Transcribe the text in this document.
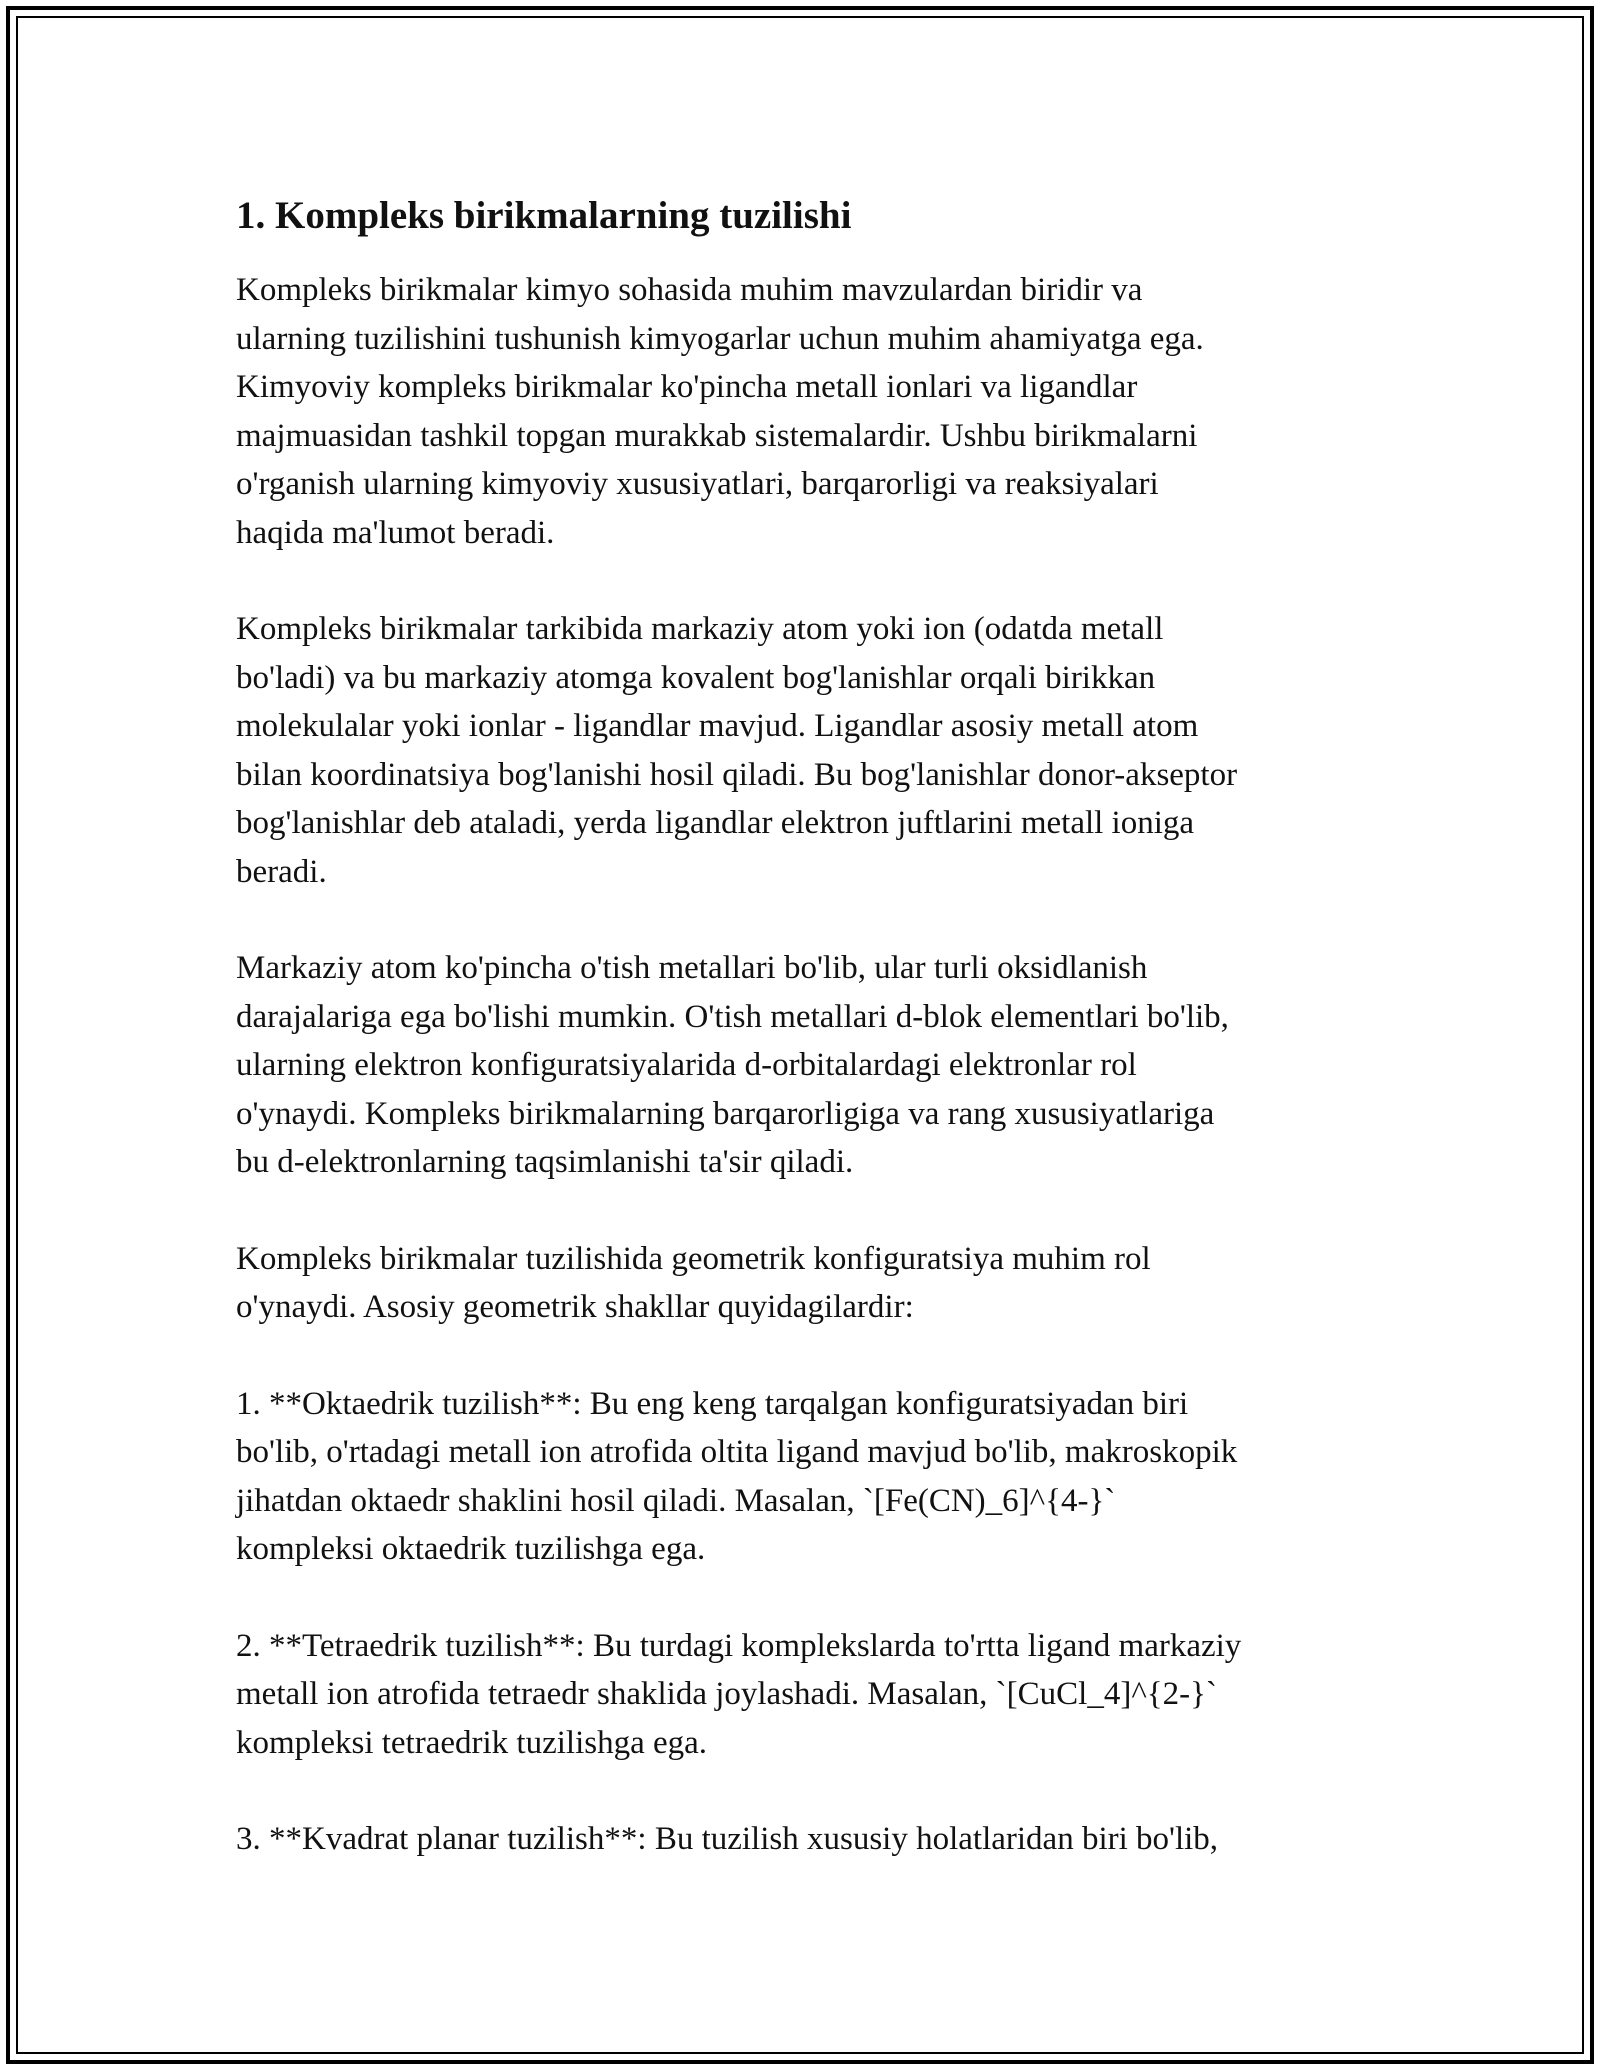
1. Kompleks birikmalarning tuzilishi
Kompleks birikmalar kimyo sohasida muhim mavzulardan biridir va
ularning tuzilishini tushunish kimyogarlar uchun muhim ahamiyatga ega.
Kimyoviy kompleks birikmalar ko'pincha metall ionlari va ligandlar
majmuasidan tashkil topgan murakkab sistemalardir. Ushbu birikmalarni
o'rganish ularning kimyoviy xususiyatlari, barqarorligi va reaksiyalari
haqida ma'lumot beradi.
Kompleks birikmalar tarkibida markaziy atom yoki ion (odatda metall
bo'ladi) va bu markaziy atomga kovalent bog'lanishlar orqali birikkan
molekulalar yoki ionlar - ligandlar mavjud. Ligandlar asosiy metall atom
bilan koordinatsiya bog'lanishi hosil qiladi. Bu bog'lanishlar donor-akseptor
bog'lanishlar deb ataladi, yerda ligandlar elektron juftlarini metall ioniga
beradi.
Markaziy atom ko'pincha o'tish metallari bo'lib, ular turli oksidlanish
darajalariga ega bo'lishi mumkin. O'tish metallari d-blok elementlari bo'lib,
ularning elektron konfiguratsiyalarida d-orbitalardagi elektronlar rol
o'ynaydi. Kompleks birikmalarning barqarorligiga va rang xususiyatlariga
bu d-elektronlarning taqsimlanishi ta'sir qiladi.
Kompleks birikmalar tuzilishida geometrik konfiguratsiya muhim rol
o'ynaydi. Asosiy geometrik shakllar quyidagilardir:
1. **Oktaedrik tuzilish**: Bu eng keng tarqalgan konfiguratsiyadan biri
bo'lib, o'rtadagi metall ion atrofida oltita ligand mavjud bo'lib, makroskopik
jihatdan oktaedr shaklini hosil qiladi. Masalan, `[Fe(CN)_6]^{4-}`
kompleksi oktaedrik tuzilishga ega.
2. **Tetraedrik tuzilish**: Bu turdagi komplekslarda to'rtta ligand markaziy
metall ion atrofida tetraedr shaklida joylashadi. Masalan, `[CuCl_4]^{2-}`
kompleksi tetraedrik tuzilishga ega.
3. **Kvadrat planar tuzilish**: Bu tuzilish xususiy holatlaridan biri bo'lib,
